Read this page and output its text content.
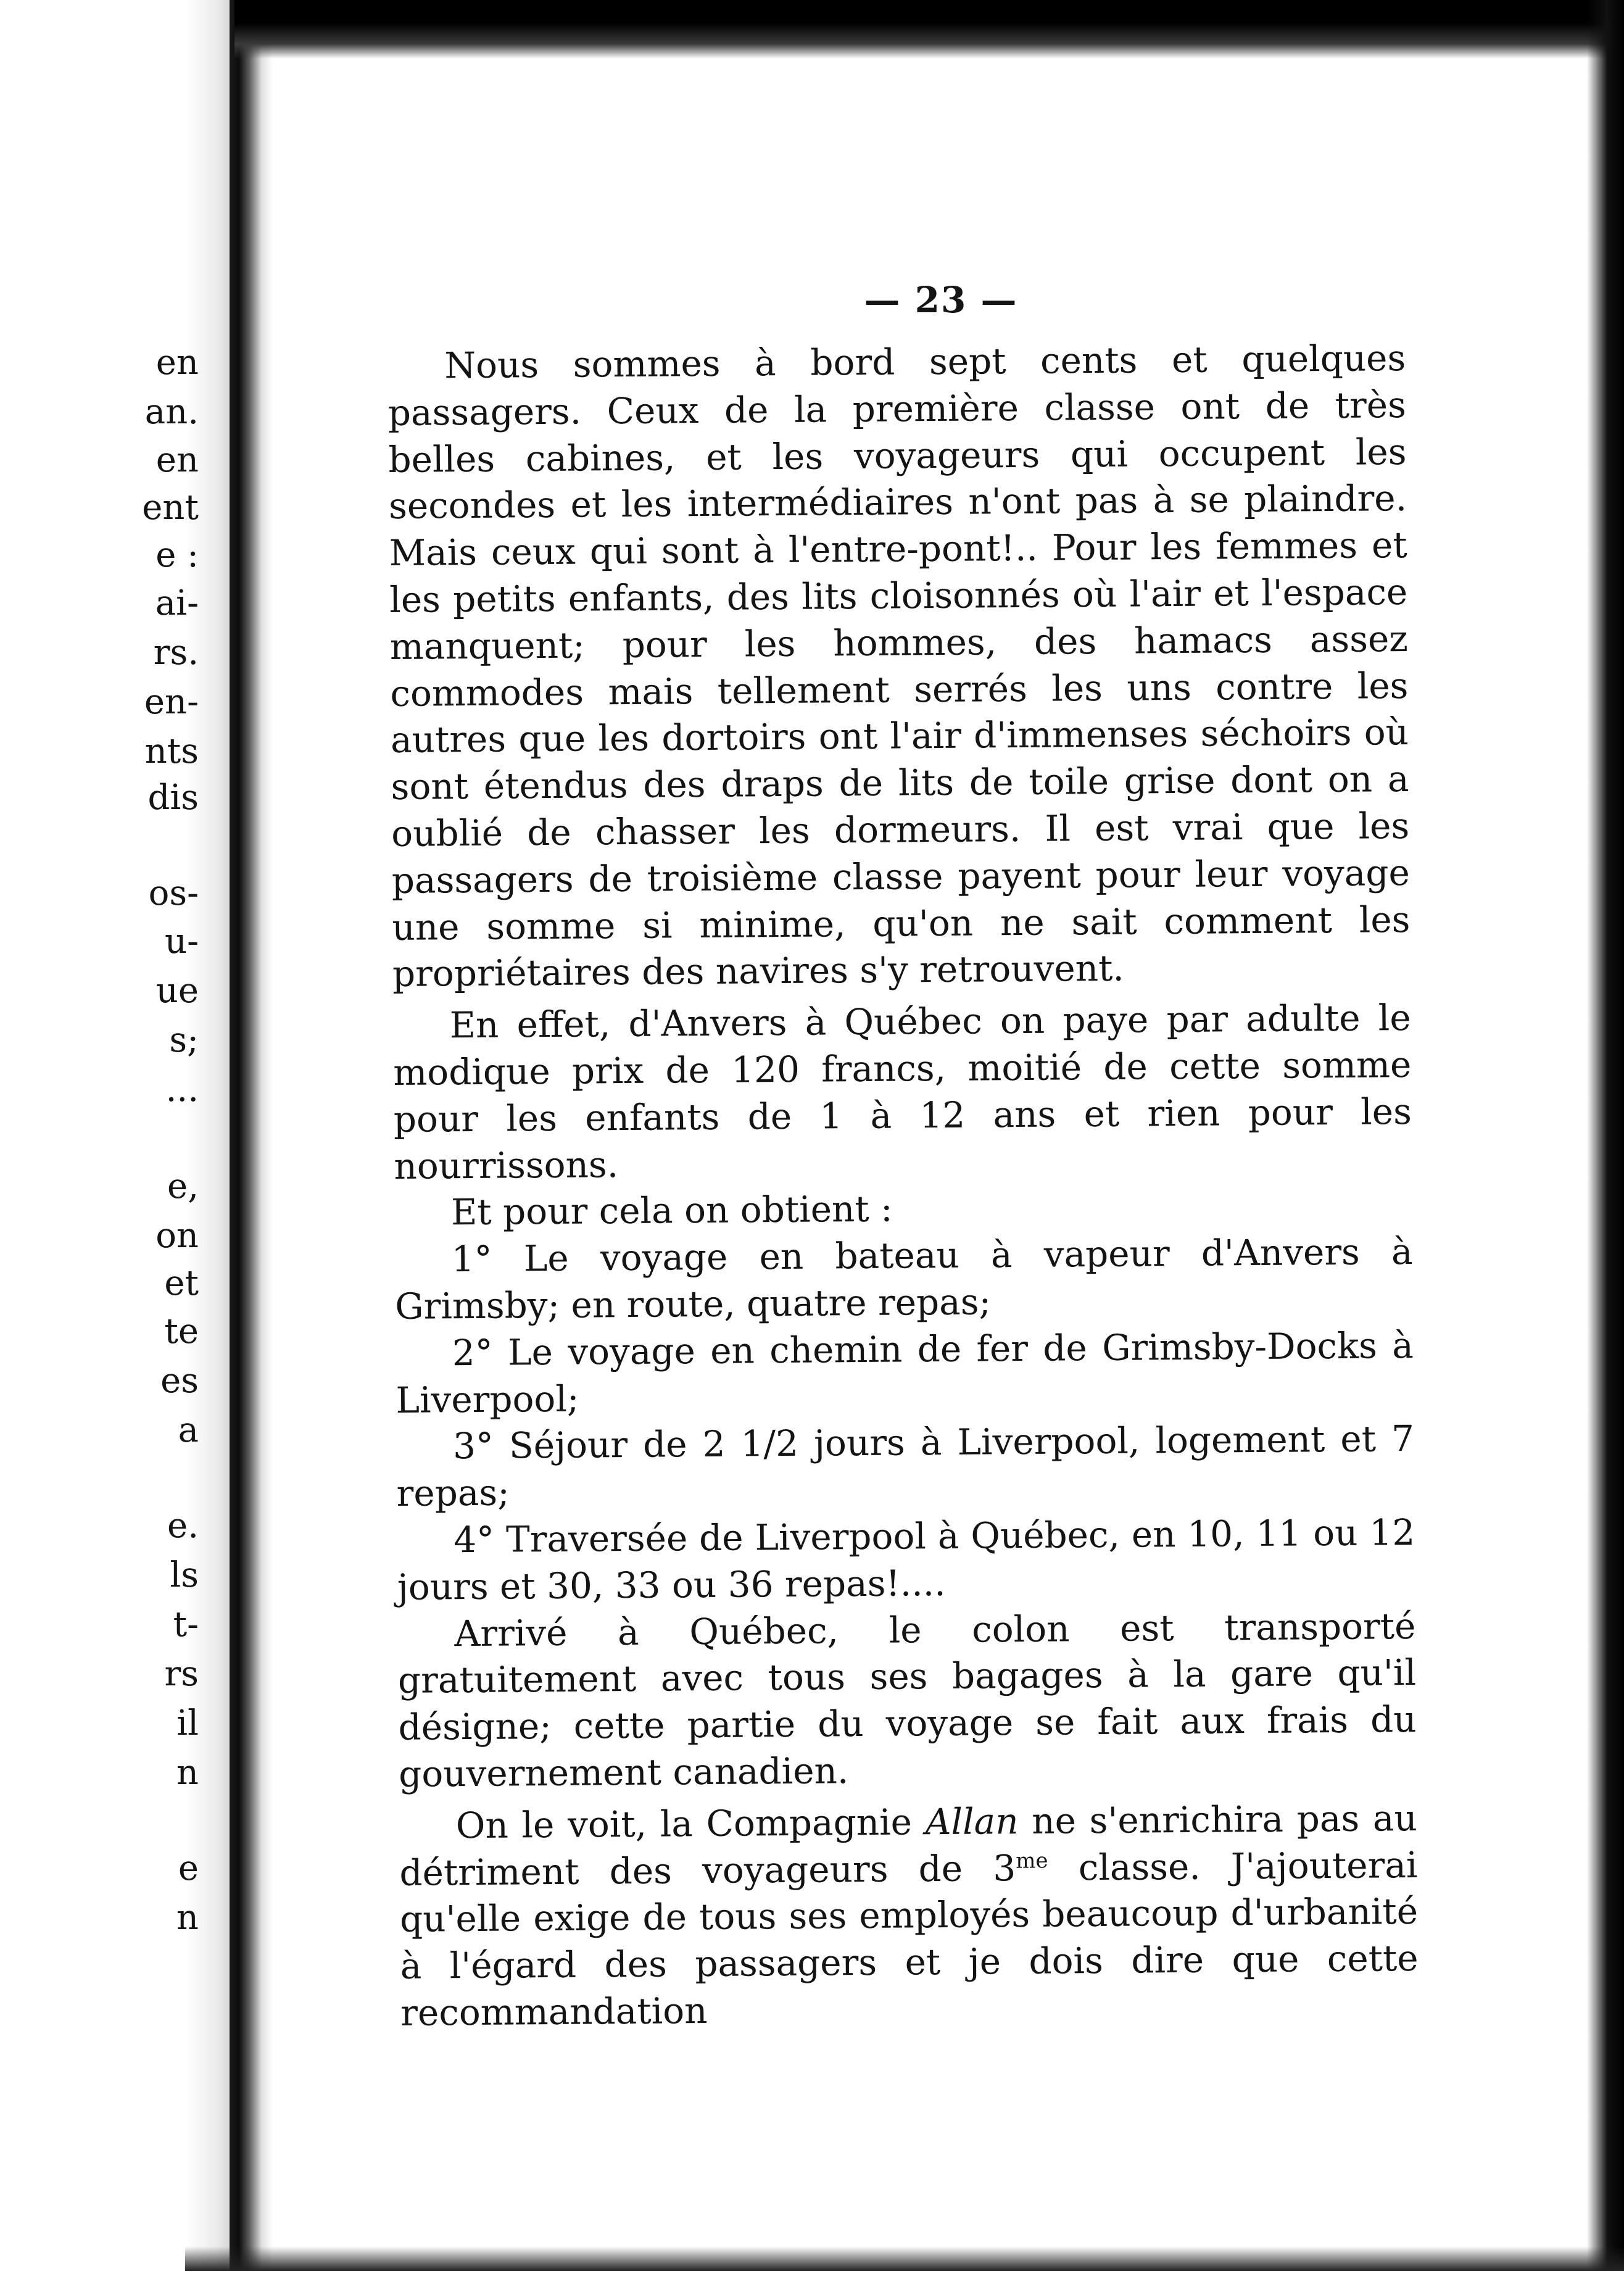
en
an.
en
ent
e :
ai-
rs.
en-
nts
dis
os-
u-
ue
s;
...
e,
on
et
te
es
a
e.
ls
t-
rs
il
n
e
n
— 23 —

Nous sommes à bord sept cents et quelques passagers. Ceux de la première classe ont de très belles cabines, et les voyageurs qui occupent les secondes et les intermédiaires n'ont pas à se plaindre. Mais ceux qui sont à l'entre-pont!.. Pour les femmes et les petits enfants, des lits cloisonnés où l'air et l'espace manquent; pour les hommes, des hamacs assez commodes mais tellement serrés les uns contre les autres que les dortoirs ont l'air d'immenses séchoirs où sont étendus des draps de lits de toile grise dont on a oublié de chasser les dormeurs. Il est vrai que les passagers de troisième classe payent pour leur voyage une somme si minime, qu'on ne sait comment les propriétaires des navires s'y retrouvent.

En effet, d'Anvers à Québec on paye par adulte le modique prix de 120 francs, moitié de cette somme pour les enfants de 1 à 12 ans et rien pour les nourrissons.

Et pour cela on obtient :

1° Le voyage en bateau à vapeur d'Anvers à Grimsby; en route, quatre repas;

2° Le voyage en chemin de fer de Grimsby-Docks à Liverpool;

3° Séjour de 2 1/2 jours à Liverpool, logement et 7 repas;

4° Traversée de Liverpool à Québec, en 10, 11 ou 12 jours et 30, 33 ou 36 repas!....

Arrivé à Québec, le colon est transporté gratuitement avec tous ses bagages à la gare qu'il désigne; cette partie du voyage se fait aux frais du gouvernement canadien.

On le voit, la Compagnie Allan ne s'enrichira pas au détriment des voyageurs de $3^{me}$ classe. J'ajouterai qu'elle exige de tous ses employés beaucoup d'urbanité à l'égard des passagers et je dois dire que cette recommandation
